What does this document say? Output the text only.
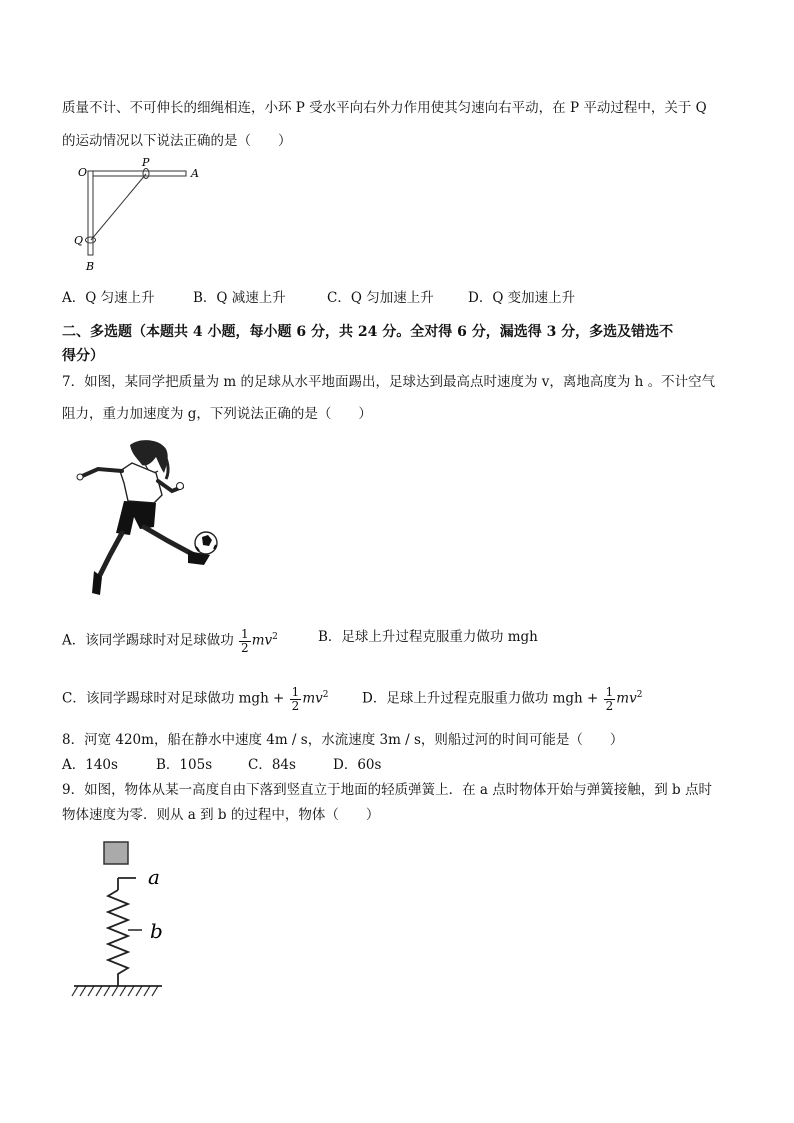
质量不计、不可伸长的细绳相连，小环 P 受水平向右外力作用使其匀速向右平动，在 P 平动过程中，关于 Q
的运动情况以下说法正确的是（　　）
O
P
A
Q
B
A．Q 匀速上升	B．Q 减速上升	C．Q 匀加速上升	D．Q 变加速上升
二、多选题（本题共 4 小题，每小题 6 分，共 24 分。全对得 6 分，漏选得 3 分，多选及错选不
得分）
7．如图，某同学把质量为 m 的足球从水平地面踢出，足球达到最高点时速度为 v，离地高度为 h 。不计空气
阻力，重力加速度为 g，下列说法正确的是（　　）
A．该同学踢球时对足球做功 $\frac{1}{2} mv^2$	B．足球上升过程克服重力做功 mgh
C．该同学踢球时对足球做功 mgh + $\frac{1}{2} mv^2$ D．足球上升过程克服重力做功 mgh + $\frac{1}{2} mv^2$
8．河宽 420m，船在静水中速度 4m / s，水流速度 3m / s，则船过河的时间可能是（　　）
A．140s	B．105s	C．84s	D．60s
9．如图，物体从某一高度自由下落到竖直立于地面的轻质弹簧上．在 a 点时物体开始与弹簧接触，到 b 点时
物体速度为零．则从 a 到 b 的过程中，物体（　　）
a
b
